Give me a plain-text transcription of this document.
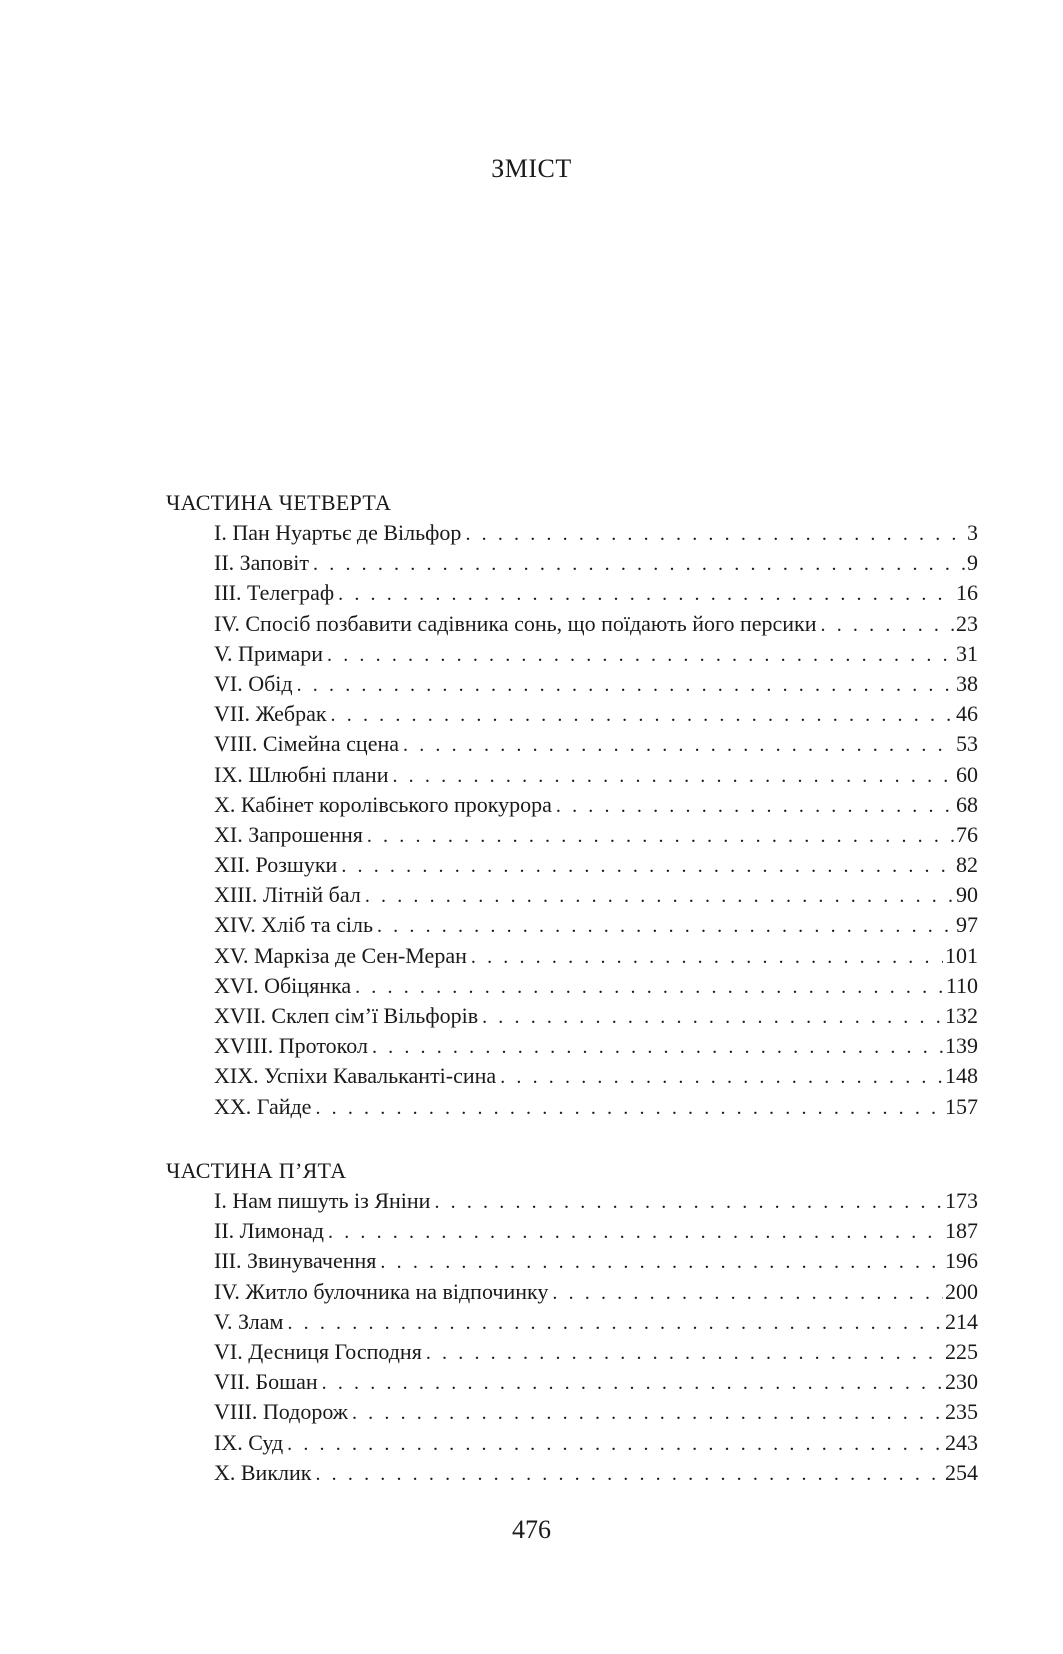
ЗМІСТ
ЧАСТИНА ЧЕТВЕРТА
I. Пан Нуартьє де Вільфор . . .	3
II. Заповіт . . .	9
III. Телеграф . . .	16
IV. Спосіб позбавити садівника сонь, що поїдають його персики . . .	23
V. Примари . . .	31
VI. Обід . . .	38
VII. Жебрак . . .	46
VIII. Сімейна сцена . . .	53
IX. Шлюбні плани . . .	60
X. Кабінет королівського прокурора . . .	68
XI. Запрошення . . .	76
XII. Розшуки . . .	82
XIII. Літній бал . . .	90
XIV. Хліб та сіль . . .	97
XV. Маркіза де Сен-Меран . . .	101
XVI. Обіцянка . . .	110
XVII. Склеп сім’ї Вільфорів . . .	132
XVIII. Протокол . . .	139
XIX. Успіхи Кавальканті-сина . . .	148
XX. Гайде . . .	157
ЧАСТИНА П’ЯТА
I. Нам пишуть із Яніни . . .	173
II. Лимонад . . .	187
III. Звинувачення . . .	196
IV. Житло булочника на відпочинку . . .	200
V. Злам . . .	214
VI. Десниця Господня . . .	225
VII. Бошан . . .	230
VIII. Подорож . . .	235
IX. Суд . . .	243
X. Виклик . . .	254
476
